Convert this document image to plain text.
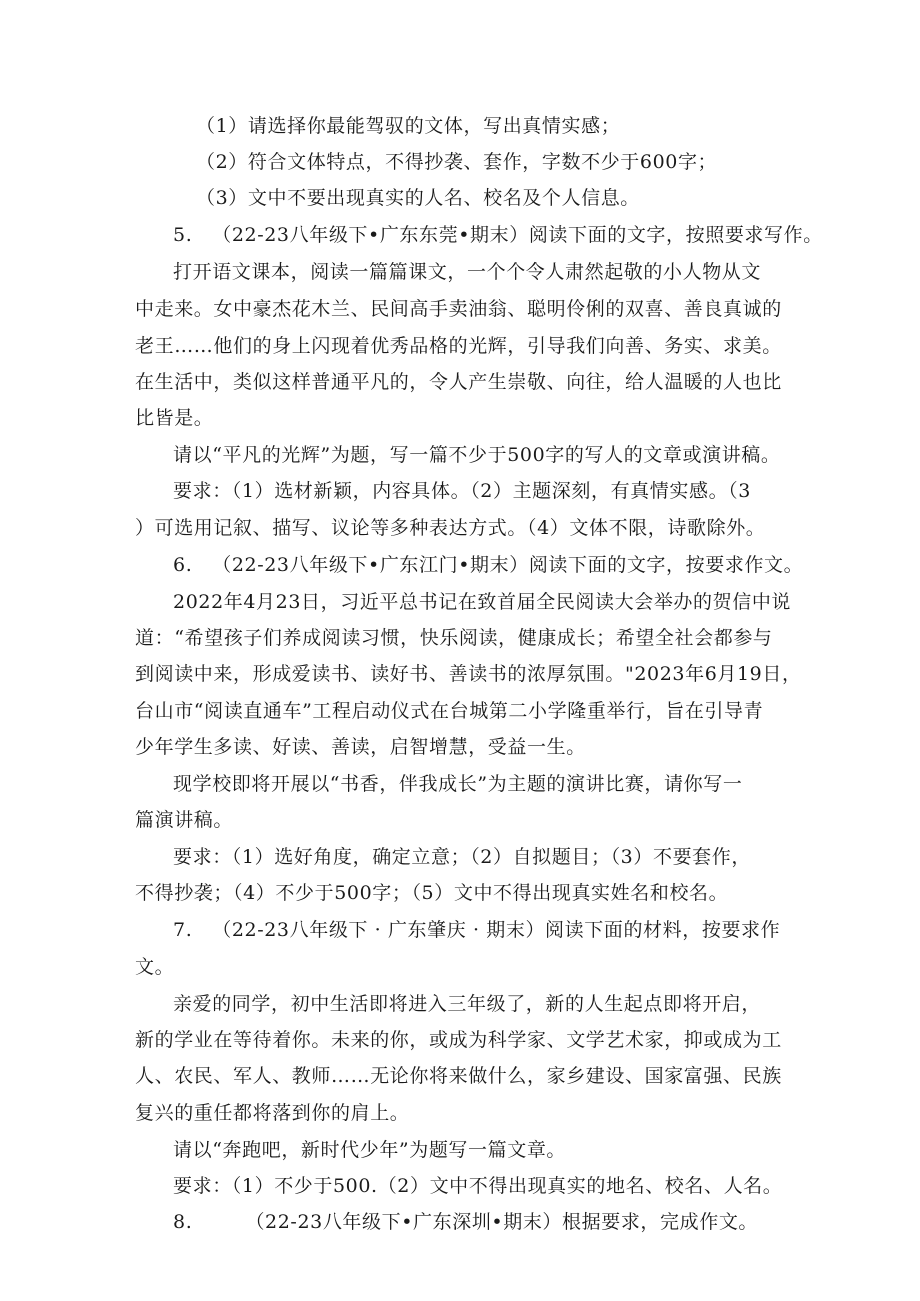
（1）请选择你最能驾驭的文体，写出真情实感；
（2）符合文体特点，不得抄袭、套作，字数不少于600字；
（3）文中不要出现真实的人名、校名及个人信息。
5.   （22-23八年级下•广东东莞•期末）阅读下面的文字，按照要求写作。
打开语文课本，阅读一篇篇课文，一个个令人肃然起敬的小人物从文
中走来。女中豪杰花木兰、民间高手卖油翁、聪明伶俐的双喜、善良真诚的
老王……他们的身上闪现着优秀品格的光辉，引导我们向善、务实、求美。
在生活中，类似这样普通平凡的，令人产生崇敬、向往，给人温暖的人也比
比皆是。
请以“平凡的光辉”为题，写一篇不少于500字的写人的文章或演讲稿。
要求：（1）选材新颖，内容具体。（2）主题深刻，有真情实感。（3
）可选用记叙、描写、议论等多种表达方式。（4）文体不限，诗歌除外。
6.   （22-23八年级下•广东江门•期末）阅读下面的文字，按要求作文。
2022年4月23日，习近平总书记在致首届全民阅读大会举办的贺信中说
道：“希望孩子们养成阅读习惯，快乐阅读，健康成长；希望全社会都参与
到阅读中来，形成爱读书、读好书、善读书的浓厚氛围。"2023年6月19日，
台山市“阅读直通车”工程启动仪式在台城第二小学隆重举行，旨在引导青
少年学生多读、好读、善读，启智增慧，受益一生。
现学校即将开展以“书香，伴我成长”为主题的演讲比赛，请你写一
篇演讲稿。
要求：（1）选好角度，确定立意；（2）自拟题目；（3）不要套作，
不得抄袭；（4）不少于500字；（5）文中不得出现真实姓名和校名。
7.   （22-23八年级下 · 广东肇庆 · 期末）阅读下面的材料，按要求作
文。
亲爱的同学，初中生活即将进入三年级了，新的人生起点即将开启，
新的学业在等待着你。未来的你，或成为科学家、文学艺术家，抑或成为工
人、农民、军人、教师……无论你将来做什么，家乡建设、国家富强、民族
复兴的重任都将落到你的肩上。
请以“奔跑吧，新时代少年”为题写一篇文章。
要求：（1）不少于500.（2）文中不得出现真实的地名、校名、人名。
8.        （22-23八年级下•广东深圳•期末）根据要求，完成作文。
